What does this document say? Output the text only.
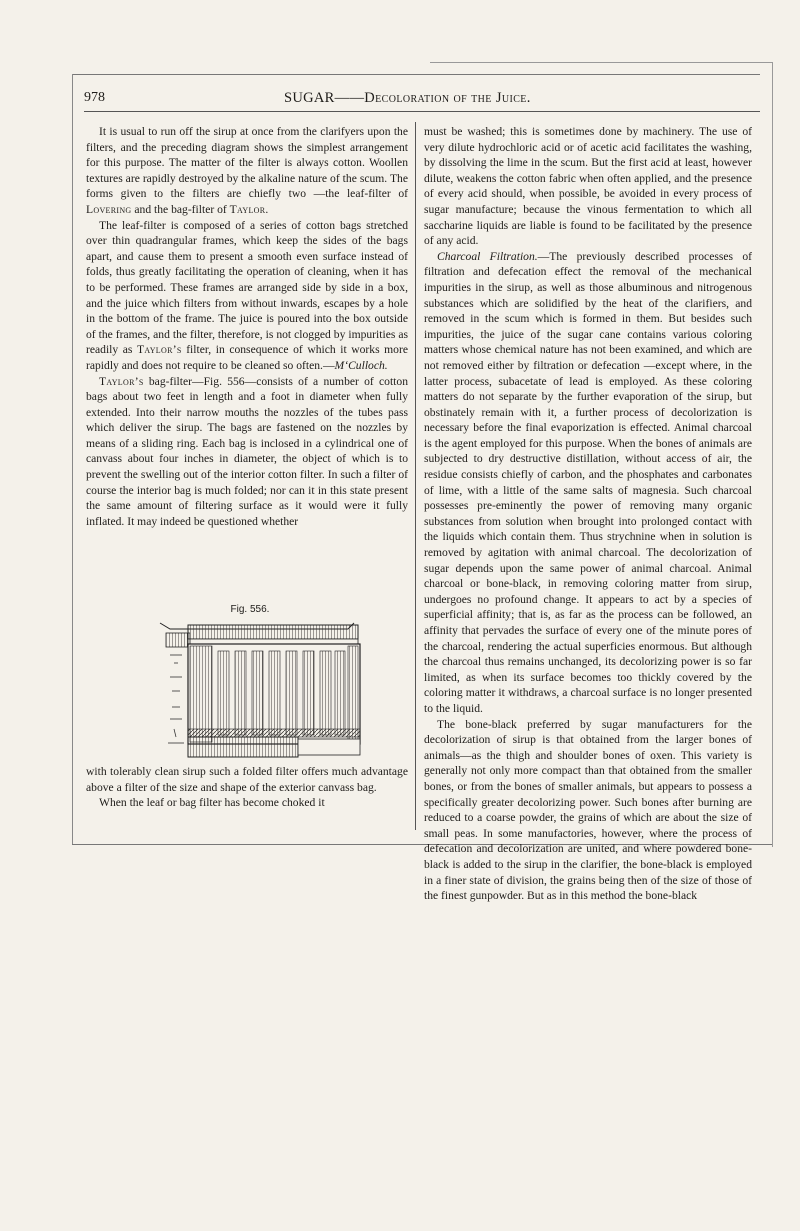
978	SUGAR——Decoloration of the Juice.

It is usual to run off the sirup at once from the clarifyers upon the filters, and the preceding diagram shows the simplest arrangement for this purpose. The matter of the filter is always cotton. Woollen textures are rapidly destroyed by the alkaline nature of the scum. The forms given to the filters are chiefly two —the leaf-filter of Lovering and the bag-filter of Taylor.

The leaf-filter is composed of a series of cotton bags stretched over thin quadrangular frames, which keep the sides of the bags apart, and cause them to present a smooth even surface instead of folds, thus greatly facilitating the operation of cleaning, when it has to be performed. These frames are arranged side by side in a box, and the juice which filters from without inwards, escapes by a hole in the bottom of the frame. The juice is poured into the box outside of the frames, and the filter, therefore, is not clogged by impurities as readily as Taylor’s filter, in consequence of which it works more rapidly and does not require to be cleaned so often.—M‘Culloch.

Taylor’s bag-filter—Fig. 556—consists of a number of cotton bags about two feet in length and a foot in diameter when fully extended. Into their narrow mouths the nozzles of the tubes pass which deliver the sirup. The bags are fastened on the nozzles by means of a sliding ring. Each bag is inclosed in a cylindrical one of canvass about four inches in diameter, the object of which is to prevent the swelling out of the interior cotton filter. In such a filter of course the interior bag is much folded; nor can it in this state present the same amount of filtering surface as it would were it fully inflated. It may indeed be questioned whether

Fig. 556.

with tolerably clean sirup such a folded filter offers much advantage above a filter of the size and shape of the exterior canvass bag.

When the leaf or bag filter has become choked it

must be washed; this is sometimes done by machinery. The use of very dilute hydrochloric acid or of acetic acid facilitates the washing, by dissolving the lime in the scum. But the first acid at least, however dilute, weakens the cotton fabric when often applied, and the presence of every acid should, when possible, be avoided in every process of sugar manufacture; because the vinous fermentation to which all saccharine liquids are liable is found to be facilitated by the presence of any acid.

Charcoal Filtration.—The previously described processes of filtration and defecation effect the removal of the mechanical impurities in the sirup, as well as those albuminous and nitrogenous substances which are solidified by the heat of the clarifiers, and removed in the scum which is formed in them. But besides such impurities, the juice of the sugar cane contains various coloring matters whose chemical nature has not been examined, and which are not removed either by filtration or defecation —except where, in the latter process, subacetate of lead is employed. As these coloring matters do not separate by the further evaporation of the sirup, but obstinately remain with it, a further process of decolorization is necessary before the final evaporization is effected. Animal charcoal is the agent employed for this purpose. When the bones of animals are subjected to dry destructive distillation, without access of air, the residue consists chiefly of carbon, and the phosphates and carbonates of lime, with a little of the same salts of magnesia. Such charcoal possesses pre-eminently the power of removing many organic substances from solution when brought into prolonged contact with the liquids which contain them. Thus strychnine when in solution is removed by agitation with animal charcoal. The decolorization of sugar depends upon the same power of animal charcoal. Animal charcoal or bone-black, in removing coloring matter from sirup, undergoes no profound change. It appears to act by a species of superficial affinity; that is, as far as the process can be followed, an affinity that pervades the surface of every one of the minute pores of the charcoal, rendering the actual superficies enormous. But although the charcoal thus remains unchanged, its decolorizing power is so far limited, as when its surface becomes too thickly covered by the coloring matter it withdraws, a charcoal surface is no longer presented to the liquid.

The bone-black preferred by sugar manufacturers for the decolorization of sirup is that obtained from the larger bones of animals—as the thigh and shoulder bones of oxen. This variety is generally not only more compact than that obtained from the smaller bones, or from the bones of smaller animals, but appears to possess a specifically greater decolorizing power. Such bones after burning are reduced to a coarse powder, the grains of which are about the size of small peas. In some manufactories, however, where the process of defecation and decolorization are united, and where powdered bone-black is added to the sirup in the clarifier, the bone-black is employed in a finer state of division, the grains being then of the size of those of the finest gunpowder. But as in this method the bone-black
